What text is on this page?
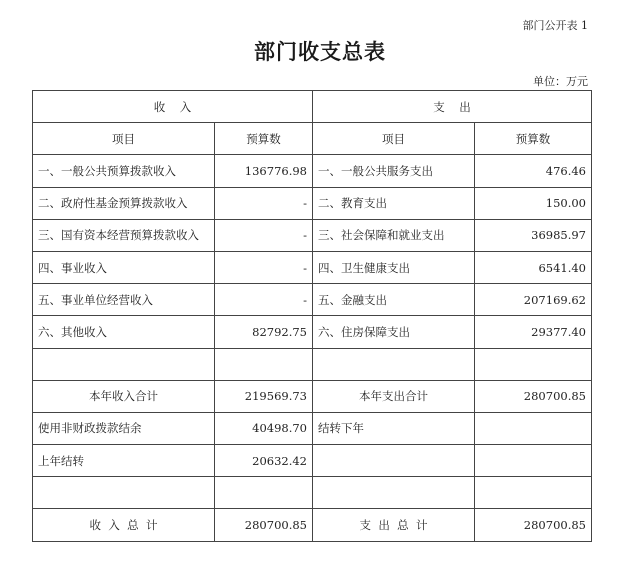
部门公开表 1
部门收支总表
单位：万元
收    入		支    出	
项目	预算数	项目	预算数
一、一般公共预算拨款收入	136776.98	一、一般公共服务支出	476.46
二、政府性基金预算拨款收入	-	二、教育支出	150.00
三、国有资本经营预算拨款收入	-	三、社会保障和就业支出	36985.97
四、事业收入	-	四、卫生健康支出	6541.40
五、事业单位经营收入	-	五、金融支出	207169.62
六、其他收入	82792.75	六、住房保障支出	29377.40

本年收入合计	219569.73	本年支出合计	280700.85
使用非财政拨款结余	40498.70	结转下年	
上年结转	20632.42		

收  入  总  计	280700.85	支  出  总  计	280700.85
